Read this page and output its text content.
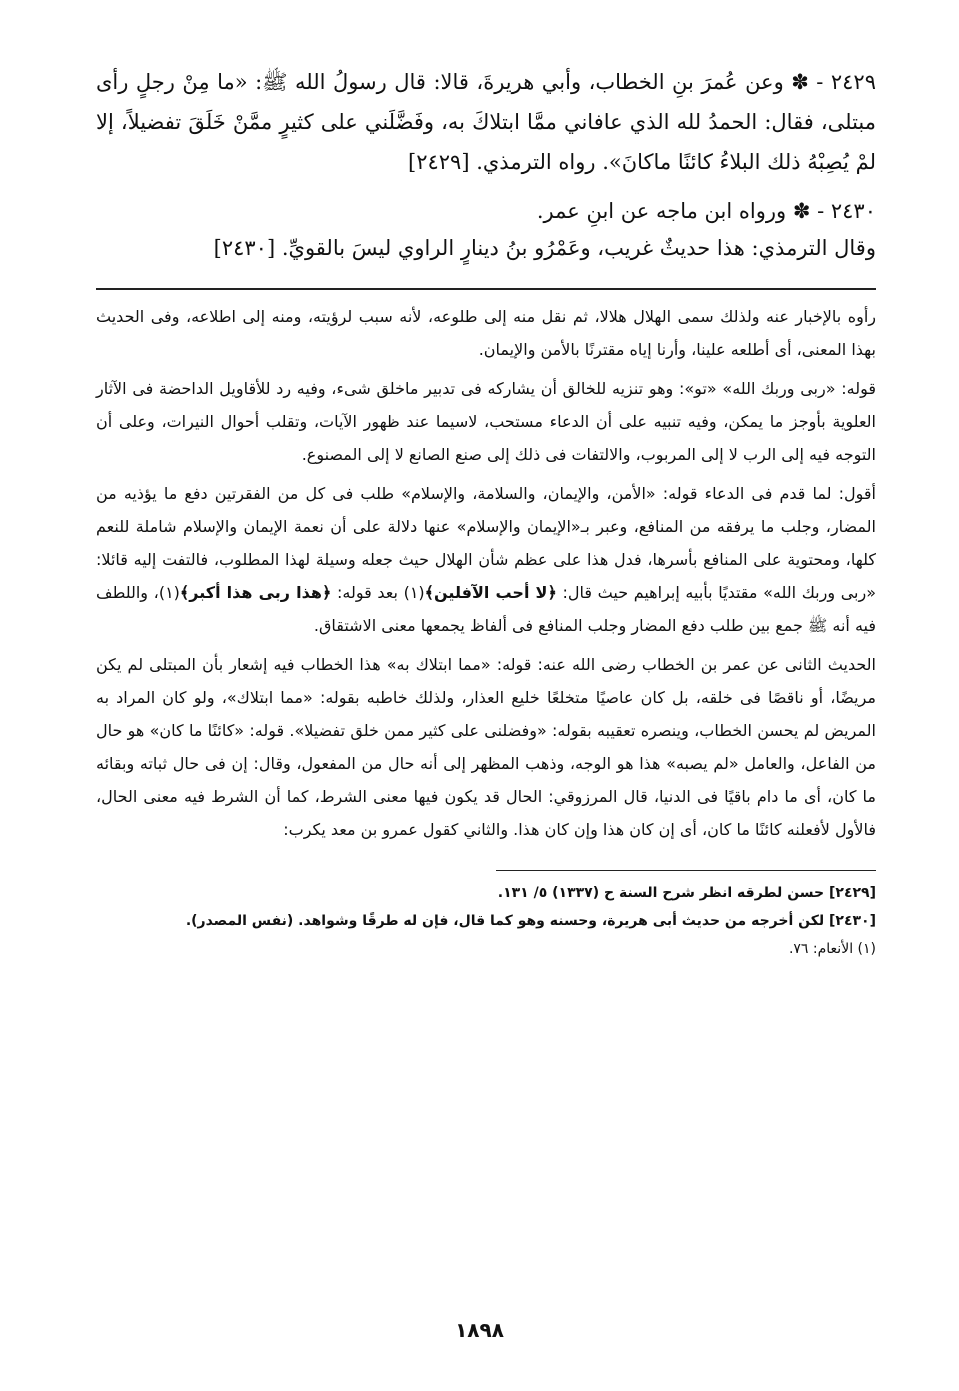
٢٤٢٩ - ✽ وعن عُمرَ بنِ الخطاب، وأبي هريرةَ، قالا: قال رسولُ الله ﷺ: «ما مِنْ رجلٍ رأى مبتلى، فقال: الحمدُ لله الذي عافاني ممَّا ابتلاكَ به، وفَضَّلَني على كثيرٍ ممَّنْ خَلَقَ تفضيلاً، إلا لمْ يُصِبْهُ ذلك البلاءُ كائنًا ماكانَ». رواه الترمذي. [٢٤٢٩]

٢٤٣٠ - ✽ ورواه ابن ماجه عن ابنِ عمر.

وقال الترمذي: هذا حديثٌ غريب، وعَمْرُو بنُ دينارٍ الراوي ليسَ بالقويِّ. [٢٤٣٠]

رأوه بالإخبار عنه ولذلك سمى الهلال هلالا، ثم نقل منه إلى طلوعه، لأنه سبب لرؤيته، ومنه إلى اطلاعه، وفى الحديث بهذا المعنى، أى أطلعه علينا، وأرنا إياه مقترنًا بالأمن والإيمان.

قوله: «ربى وربك الله» «تو»: وهو تنزيه للخالق أن يشاركه فى تدبير ماخلق شىء، وفيه رد للأقاويل الداحضة فى الآثار العلوية بأوجز ما يمكن، وفيه تنبيه على أن الدعاء مستحب، لاسيما عند ظهور الآيات، وتقلب أحوال النيرات، وعلى أن التوجه فيه إلى الرب لا إلى المربوب، والالتفات فى ذلك إلى صنع الصانع لا إلى المصنوع.

أقول: لما قدم فى الدعاء قوله: «الأمن، والإيمان، والسلامة، والإسلام» طلب فى كل من الفقرتين دفع ما يؤذيه من المضار، وجلب ما يرفقه من المنافع، وعبر بـ«الإيمان والإسلام» عنها دلالة على أن نعمة الإيمان والإسلام شاملة للنعم كلها، ومحتوية على المنافع بأسرها، فدل هذا على عظم شأن الهلال حيث جعله وسيلة لهذا المطلوب، فالتفت إليه قائلا: «ربى وربك الله» مقتديًا بأبيه إبراهيم حيث قال: ﴿لا أحب الآفلين﴾(١) بعد قوله: ﴿هذا ربى هذا أكبر﴾(١)، واللطف فيه أنه ﷺ جمع بين طلب دفع المضار وجلب المنافع فى ألفاظ يجمعها معنى الاشتقاق.

الحديث الثانى عن عمر بن الخطاب رضى الله عنه: قوله: «مما ابتلاك به» هذا الخطاب فيه إشعار بأن المبتلى لم يكن مريضًا، أو ناقصًا فى خلقه، بل كان عاصيًا متخلعًا خليع العذار، ولذلك خاطبه بقوله: «مما ابتلاك»، ولو كان المراد به المريض لم يحسن الخطاب، وينصره تعقيبه بقوله: «وفضلنى على كثير ممن خلق تفضيلا». قوله: «كائنًا ما كان» هو حال من الفاعل، والعامل «لم يصبه» هذا هو الوجه، وذهب المظهر إلى أنه حال من المفعول، وقال: إن فى حال ثباته وبقائه ما كان، أى ما دام باقيًا فى الدنيا، قال المرزوقي: الحال قد يكون فيها معنى الشرط، كما أن الشرط فيه معنى الحال، فالأول لأفعلنه كائنًا ما كان، أى إن كان هذا وإن كان هذا. والثاني كقول عمرو بن معد يكرب:

[٢٤٢٩] حسن لطرقه انظر شرح السنة ح (١٣٣٧) ٥/ ١٣١.

[٢٤٣٠] لكن أخرجه من حديث أبى هريرة، وحسنه وهو كما قال، فإن له طرقًا وشواهد. (نفس المصدر).

(١) الأنعام: ٧٦.

١٨٩٨
